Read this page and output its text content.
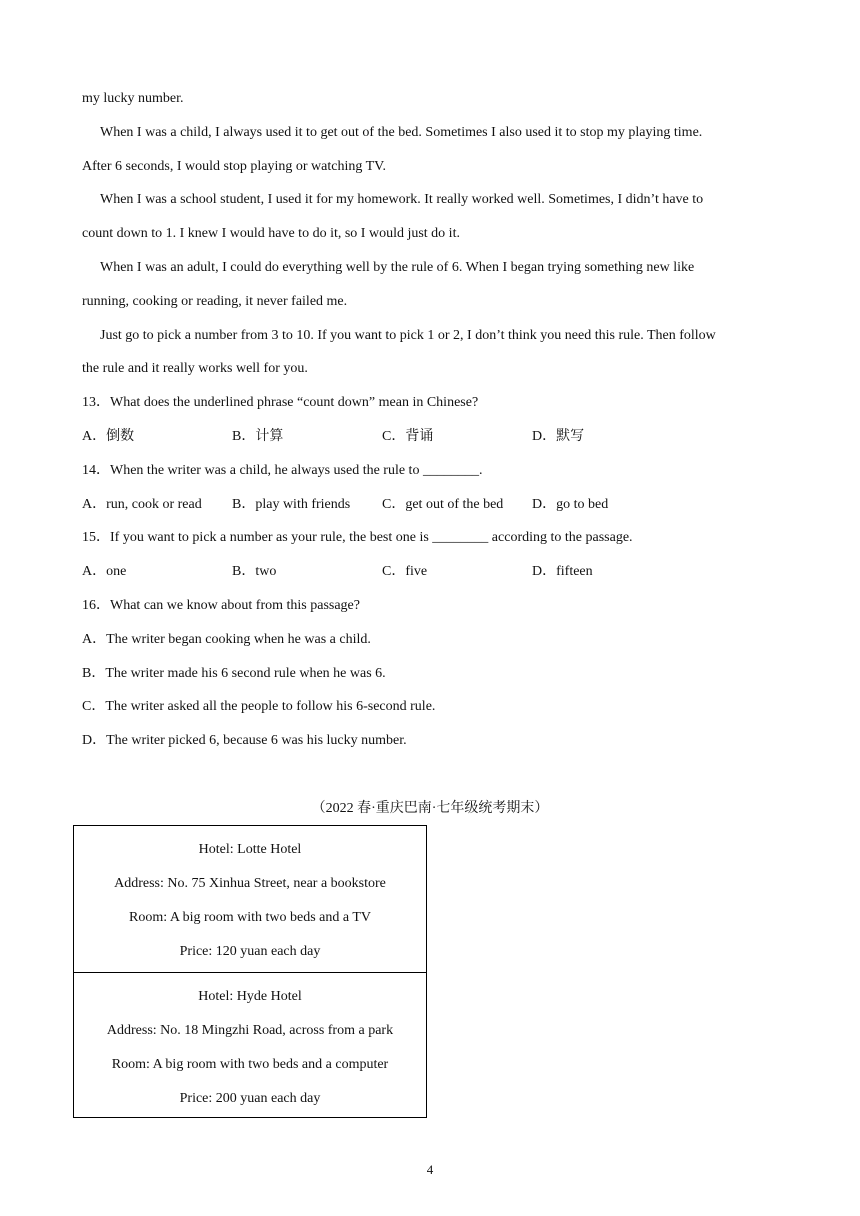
my lucky number.
When I was a child, I always used it to get out of the bed. Sometimes I also used it to stop my playing time.
After 6 seconds, I would stop playing or watching TV.
When I was a school student, I used it for my homework. It really worked well. Sometimes, I didn’t have to
count down to 1. I knew I would have to do it, so I would just do it.
When I was an adult, I could do everything well by the rule of 6. When I began trying something new like
running, cooking or reading, it never failed me.
Just go to pick a number from 3 to 10. If you want to pick 1 or 2, I don’t think you need this rule. Then follow
the rule and it really works well for you.
13．What does the underlined phrase “count down” mean in Chinese?
A．倒数	B．计算	C．背诵	D．默写
14．When the writer was a child, he always used the rule to ________.
A．run, cook or read B．play with friends C．get out of the bed D．go to bed
15．If you want to pick a number as your rule, the best one is ________ according to the passage.
A．one	B．two	C．five	D．fifteen
16．What can we know about from this passage?
A．The writer began cooking when he was a child.
B．The writer made his 6 second rule when he was 6.
C．The writer asked all the people to follow his 6-second rule.
D．The writer picked 6, because 6 was his lucky number.
（2022 春·重庆巴南·七年级统考期末）
Hotel: Lotte Hotel
Address: No. 75 Xinhua Street, near a bookstore
Room: A big room with two beds and a TV
Price: 120 yuan each day
Hotel: Hyde Hotel
Address: No. 18 Mingzhi Road, across from a park
Room: A big room with two beds and a computer
Price: 200 yuan each day
4
